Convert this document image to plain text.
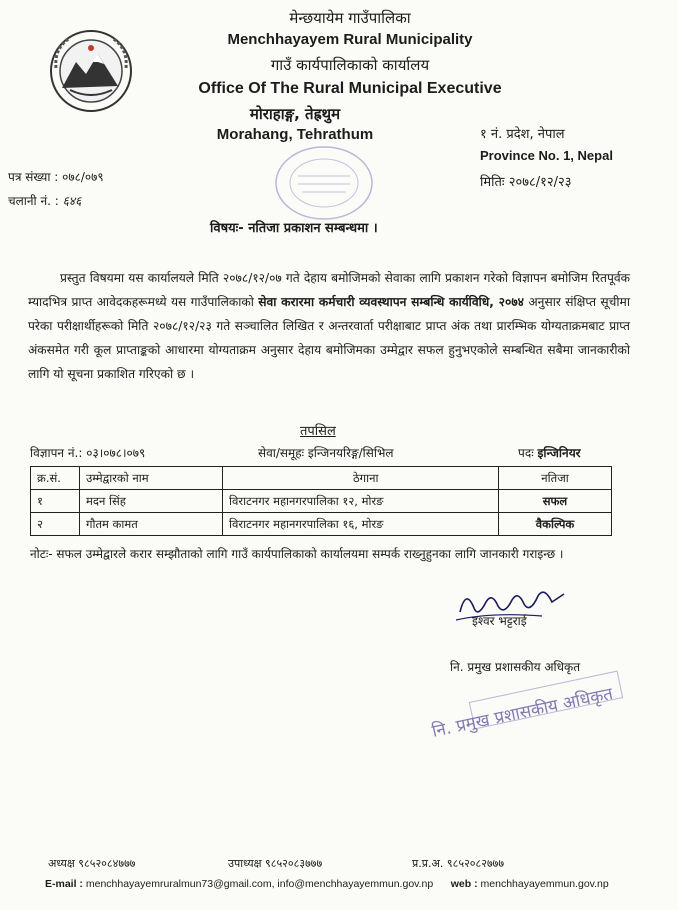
मेन्छयायेम गाउँपालिका
Menchhayayem Rural Municipality
गाउँ कार्यपालिकाको कार्यालय
Office Of The Rural Municipal Executive
मोराहाङ्ग, तेह्रथुम
Morahang, Tehrathum	१ नं. प्रदेश, नेपाल
Province No. 1, Nepal
मितिः २०७८/१२/२३
पत्र संख्या : ०७८/०७९
चलानी नं. : ६४६
विषयः- नतिजा प्रकाशन सम्बन्धमा ।
प्रस्तुत विषयमा यस कार्यालयले मिति २०७८/१२/०७ गते देहाय बमोजिमको सेवाका लागि प्रकाशन गरेको विज्ञापन बमोजिम रितपूर्वक म्यादभित्र प्राप्त आवेदकहरूमध्ये यस गाउँपालिकाको सेवा करारमा कर्मचारी व्यवस्थापन सम्बन्धि कार्यविधि, २०७४ अनुसार संक्षिप्त सूचीमा परेका परीक्षार्थीहरूको मिति २०७८/१२/२३ गते सञ्चालित लिखित र अन्तरवार्ता परीक्षाबाट प्राप्त अंक तथा प्रारम्भिक योग्यताक्रमबाट प्राप्त अंकसमेत गरी कूल प्राप्ताङ्कको आधारमा योग्यताक्रम अनुसार देहाय बमोजिमका उम्मेद्वार सफल हुनुभएकोले सम्बन्धित सबैमा जानकारीको लागि यो सूचना प्रकाशित गरिएको छ ।
तपसिल
विज्ञापन नं.: ०३।०७८।०७९	सेवा/समूहः इन्जिनयरिङ्ग/सिभिल	पदः इन्जिनियर
क्र.सं.	उम्मेद्वारको नाम	ठेगाना	नतिजा
१	मदन सिंह	विराटनगर महानगरपालिका १२, मोरङ	सफल
२	गौतम कामत	विराटनगर महानगरपालिका १६, मोरङ	वैकल्पिक
नोटः- सफल उम्मेद्वारले करार सम्झौताको लागि गाउँ कार्यपालिकाको कार्यालयमा सम्पर्क राख्नुहुनका लागि जानकारी गराइन्छ ।
इश्वर भट्टराई
नि. प्रमुख प्रशासकीय अधिकृत
नि. प्रमुख प्रशासकीय अधिकृत
अध्यक्ष ९८५२०८४७७७	उपाध्यक्ष ९८५२०८३७७७	प्र.प्र.अ. ९८५२०८२७७७
E-mail : menchhayayemruralmun73@gmail.com, info@menchhayayemmun.gov.np web : menchhayayemmun.gov.np
